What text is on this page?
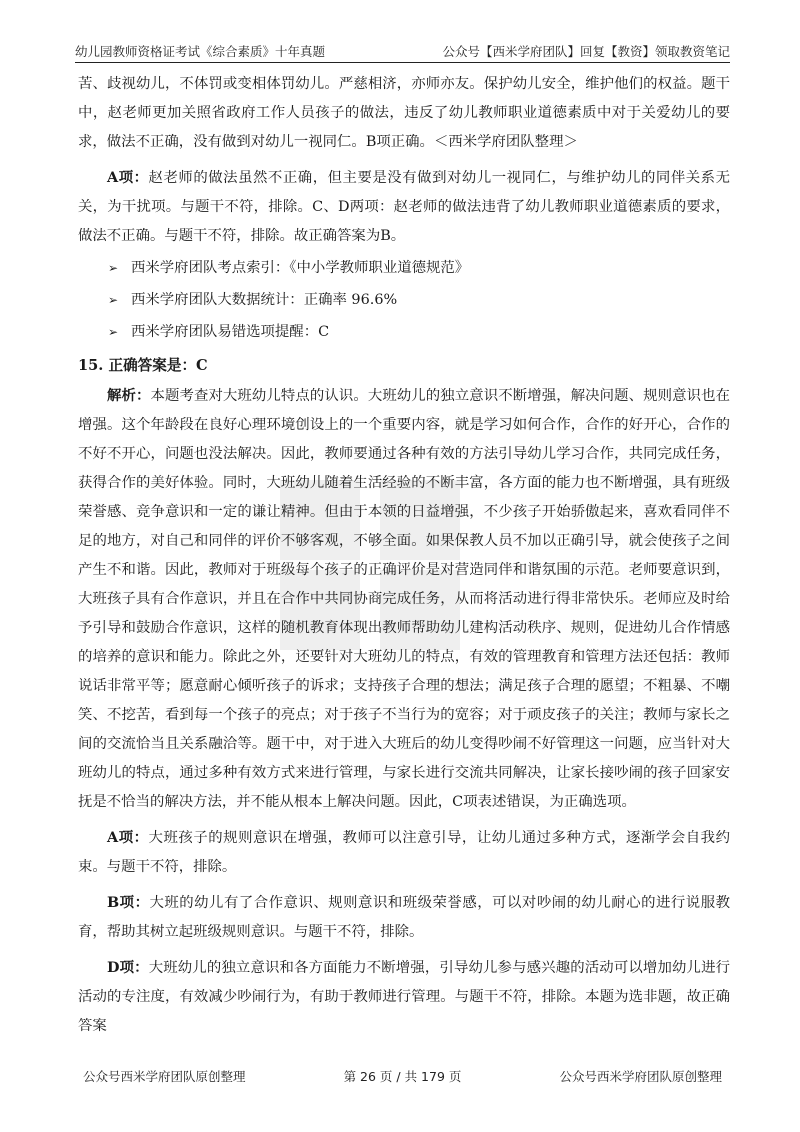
幼儿园教师资格证考试《综合素质》十年真题	公众号【西米学府团队】回复【教资】领取教资笔记

苦、歧视幼儿，不体罚或变相体罚幼儿。严慈相济，亦师亦友。保护幼儿安全，维护他们的权益。题干中，赵老师更加关照省政府工作人员孩子的做法，违反了幼儿教师职业道德素质中对于关爱幼儿的要求，做法不正确，没有做到对幼儿一视同仁。B项正确。＜西米学府团队整理＞

A项：赵老师的做法虽然不正确，但主要是没有做到对幼儿一视同仁，与维护幼儿的同伴关系无关，为干扰项。与题干不符，排除。C、D两项：赵老师的做法违背了幼儿教师职业道德素质的要求，做法不正确。与题干不符，排除。故正确答案为B。

➢ 西米学府团队考点索引：《中小学教师职业道德规范》
➢ 西米学府团队大数据统计：正确率 96.6%
➢ 西米学府团队易错选项提醒：C
15. 正确答案是：C

解析：本题考查对大班幼儿特点的认识。大班幼儿的独立意识不断增强，解决问题、规则意识也在增强。这个年龄段在良好心理环境创设上的一个重要内容，就是学习如何合作，合作的好开心，合作的不好不开心，问题也没法解决。因此，教师要通过各种有效的方法引导幼儿学习合作，共同完成任务，获得合作的美好体验。同时，大班幼儿随着生活经验的不断丰富，各方面的能力也不断增强，具有班级荣誉感、竞争意识和一定的谦让精神。但由于本领的日益增强，不少孩子开始骄傲起来，喜欢看同伴不足的地方，对自己和同伴的评价不够客观，不够全面。如果保教人员不加以正确引导，就会使孩子之间产生不和谐。因此，教师对于班级每个孩子的正确评价是对营造同伴和谐氛围的示范。老师要意识到，大班孩子具有合作意识，并且在合作中共同协商完成任务，从而将活动进行得非常快乐。老师应及时给予引导和鼓励合作意识，这样的随机教育体现出教师帮助幼儿建构活动秩序、规则，促进幼儿合作情感的培养的意识和能力。除此之外，还要针对大班幼儿的特点，有效的管理教育和管理方法还包括：教师说话非常平等；愿意耐心倾听孩子的诉求；支持孩子合理的想法；满足孩子合理的愿望；不粗暴、不嘲笑、不挖苦，看到每一个孩子的亮点；对于孩子不当行为的宽容；对于顽皮孩子的关注；教师与家长之间的交流恰当且关系融洽等。题干中，对于进入大班后的幼儿变得吵闹不好管理这一问题，应当针对大班幼儿的特点，通过多种有效方式来进行管理，与家长进行交流共同解决，让家长接吵闹的孩子回家安抚是不恰当的解决方法，并不能从根本上解决问题。因此，C项表述错误，为正确选项。

A项：大班孩子的规则意识在增强，教师可以注意引导，让幼儿通过多种方式，逐渐学会自我约束。与题干不符，排除。

B项：大班的幼儿有了合作意识、规则意识和班级荣誉感，可以对吵闹的幼儿耐心的进行说服教育，帮助其树立起班级规则意识。与题干不符，排除。

D项：大班幼儿的独立意识和各方面能力不断增强，引导幼儿参与感兴趣的活动可以增加幼儿进行活动的专注度，有效减少吵闹行为，有助于教师进行管理。与题干不符，排除。本题为选非题，故正确答案

公众号西米学府团队原创整理	第 26 页 / 共 179 页	公众号西米学府团队原创整理
